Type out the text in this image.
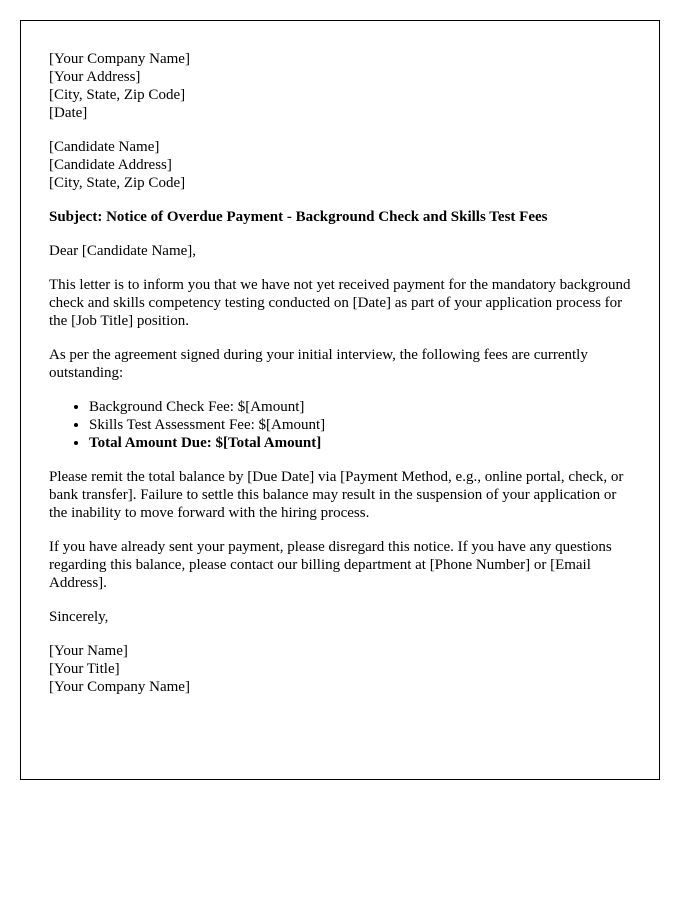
[Your Company Name]
[Your Address]
[City, State, Zip Code]
[Date]
[Candidate Name]
[Candidate Address]
[City, State, Zip Code]

Subject: Notice of Overdue Payment - Background Check and Skills Test Fees

Dear [Candidate Name],

This letter is to inform you that we have not yet received payment for the mandatory background check and skills competency testing conducted on [Date] as part of your application process for the [Job Title] position.

As per the agreement signed during your initial interview, the following fees are currently outstanding:

• Background Check Fee: $[Amount]
• Skills Test Assessment Fee: $[Amount]
• Total Amount Due: $[Total Amount]

Please remit the total balance by [Due Date] via [Payment Method, e.g., online portal, check, or bank transfer]. Failure to settle this balance may result in the suspension of your application or the inability to move forward with the hiring process.

If you have already sent your payment, please disregard this notice. If you have any questions regarding this balance, please contact our billing department at [Phone Number] or [Email Address].

Sincerely,

[Your Name]
[Your Title]
[Your Company Name]
